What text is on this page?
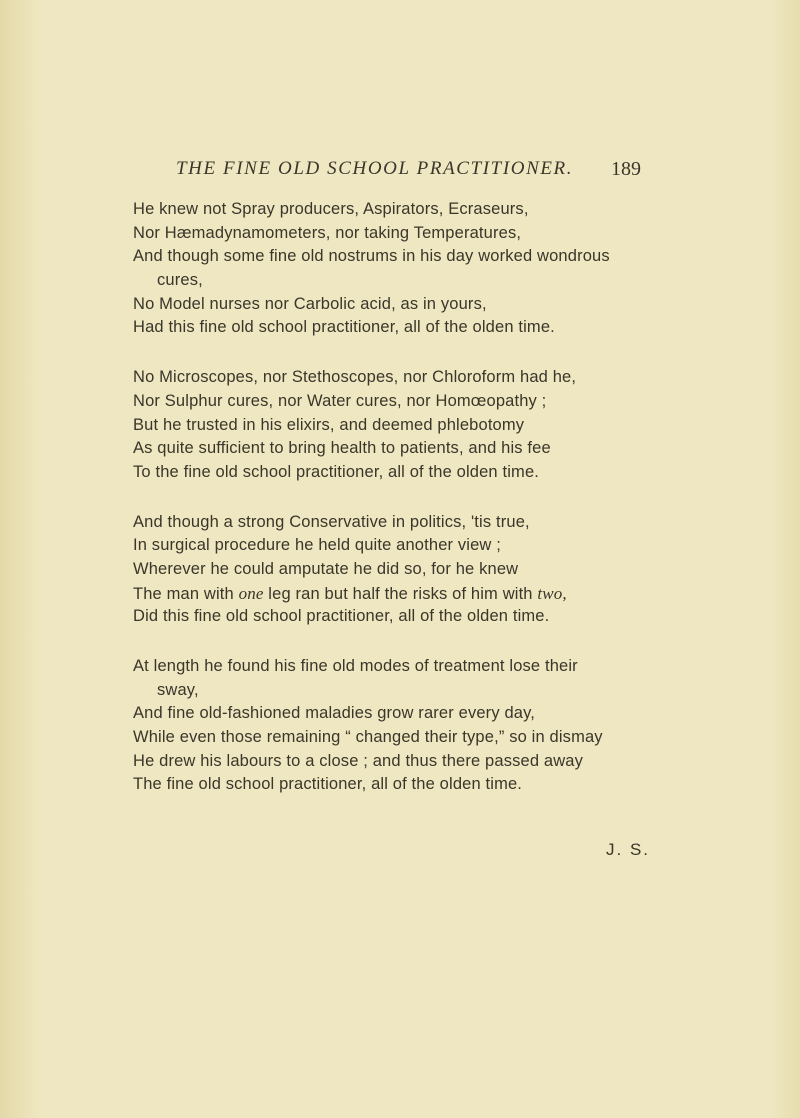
THE FINE OLD SCHOOL PRACTITIONER. 189
He knew not Spray producers, Aspirators, Ecraseurs,
Nor Hæmadynamometers, nor taking Temperatures,
And though some fine old nostrums in his day worked wondrous
cures,
No Model nurses nor Carbolic acid, as in yours,
Had this fine old school practitioner, all of the olden time.
No Microscopes, nor Stethoscopes, nor Chloroform had he,
Nor Sulphur cures, nor Water cures, nor Homœopathy ;
But he trusted in his elixirs, and deemed phlebotomy
As quite sufficient to bring health to patients, and his fee
To the fine old school practitioner, all of the olden time.
And though a strong Conservative in politics, 'tis true,
In surgical procedure he held quite another view ;
Wherever he could amputate he did so, for he knew
The man with one leg ran but half the risks of him with two,
Did this fine old school practitioner, all of the olden time.
At length he found his fine old modes of treatment lose their
sway,
And fine old-fashioned maladies grow rarer every day,
While even those remaining “ changed their type,” so in dismay
He drew his labours to a close ; and thus there passed away
The fine old school practitioner, all of the olden time.
J. S.
